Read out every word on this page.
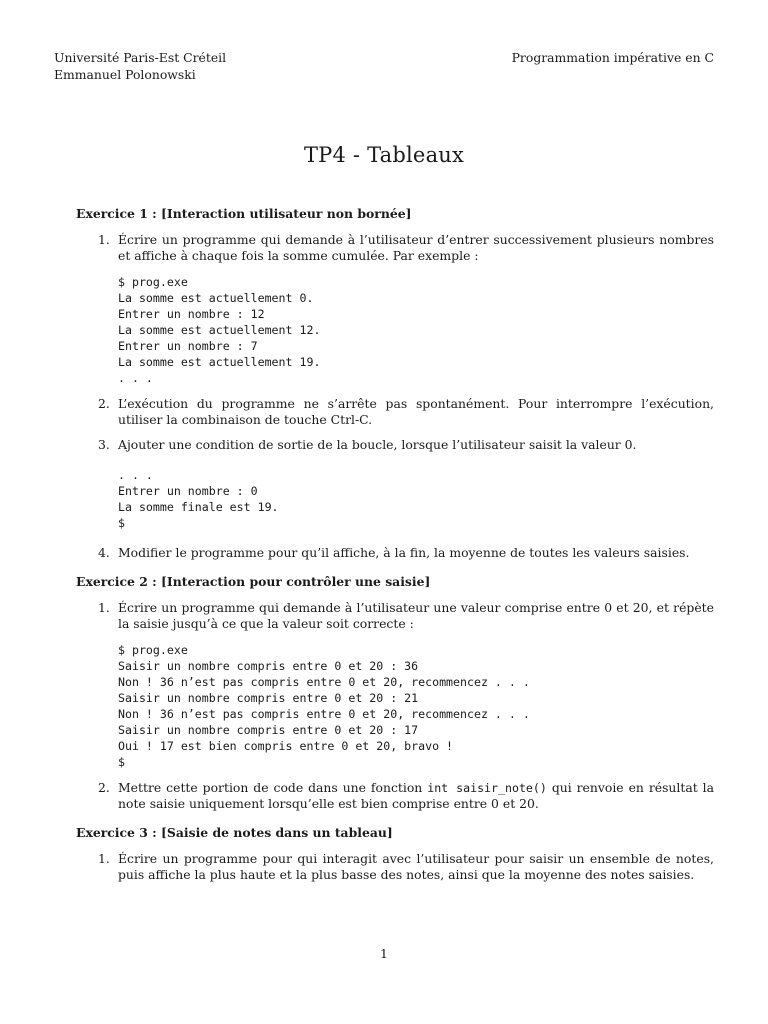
Université Paris-Est Créteil
Emmanuel Polonowski
Programmation impérative en C
TP4 - Tableaux
Exercice 1 : [Interaction utilisateur non bornée]
1. Écrire un programme qui demande à l’utilisateur d’entrer successivement plusieurs nombres et affiche à chaque fois la somme cumulée. Par exemple :
$ prog.exe
La somme est actuellement 0.
Entrer un nombre : 12
La somme est actuellement 12.
Entrer un nombre : 7
La somme est actuellement 19.
. . .
2. L’exécution du programme ne s’arrête pas spontanément. Pour interrompre l’exécution, utiliser la combinaison de touche Ctrl-C.
3. Ajouter une condition de sortie de la boucle, lorsque l’utilisateur saisit la valeur 0.
. . .
Entrer un nombre : 0
La somme finale est 19.
$
4. Modifier le programme pour qu’il affiche, à la fin, la moyenne de toutes les valeurs saisies.
Exercice 2 : [Interaction pour contrôler une saisie]
1. Écrire un programme qui demande à l’utilisateur une valeur comprise entre 0 et 20, et répète la saisie jusqu’à ce que la valeur soit correcte :
$ prog.exe
Saisir un nombre compris entre 0 et 20 : 36
Non ! 36 n’est pas compris entre 0 et 20, recommencez . . .
Saisir un nombre compris entre 0 et 20 : 21
Non ! 36 n’est pas compris entre 0 et 20, recommencez . . .
Saisir un nombre compris entre 0 et 20 : 17
Oui ! 17 est bien compris entre 0 et 20, bravo !
$
2. Mettre cette portion de code dans une fonction int saisir_note() qui renvoie en résultat la note saisie uniquement lorsqu’elle est bien comprise entre 0 et 20.
Exercice 3 : [Saisie de notes dans un tableau]
1. Écrire un programme pour qui interagit avec l’utilisateur pour saisir un ensemble de notes, puis affiche la plus haute et la plus basse des notes, ainsi que la moyenne des notes saisies.
1
